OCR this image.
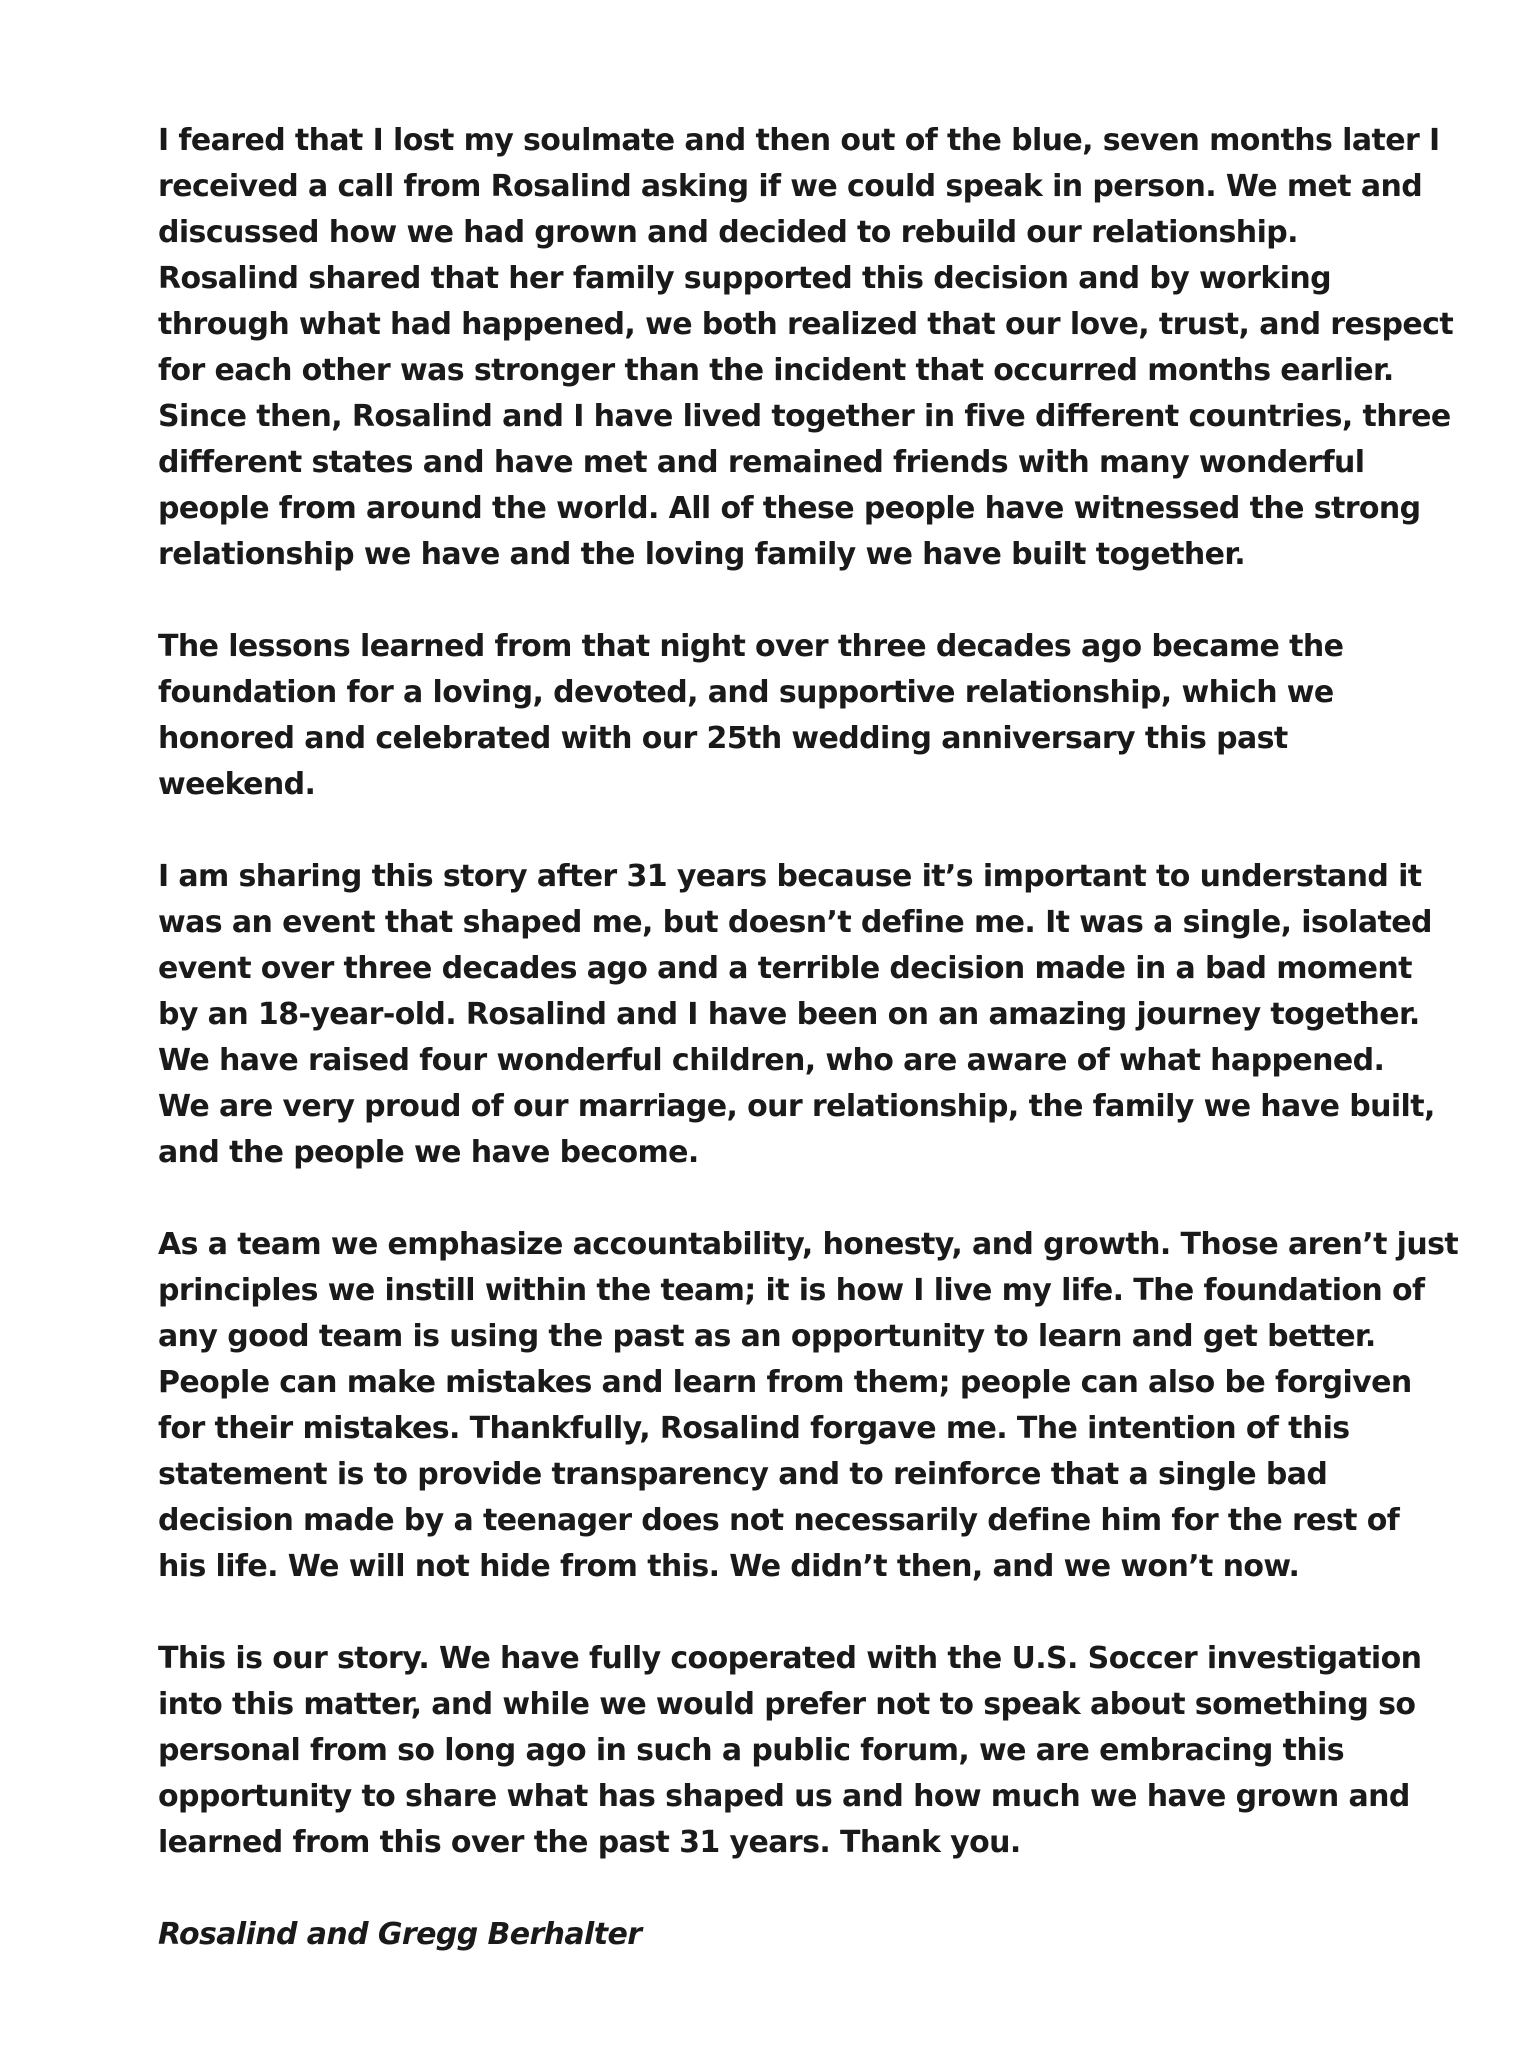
I feared that I lost my soulmate and then out of the blue, seven months later I
received a call from Rosalind asking if we could speak in person. We met and
discussed how we had grown and decided to rebuild our relationship.
Rosalind shared that her family supported this decision and by working
through what had happened, we both realized that our love, trust, and respect
for each other was stronger than the incident that occurred months earlier.
Since then, Rosalind and I have lived together in five different countries, three
different states and have met and remained friends with many wonderful
people from around the world. All of these people have witnessed the strong
relationship we have and the loving family we have built together.

The lessons learned from that night over three decades ago became the
foundation for a loving, devoted, and supportive relationship, which we
honored and celebrated with our 25th wedding anniversary this past
weekend.

I am sharing this story after 31 years because it’s important to understand it
was an event that shaped me, but doesn’t define me. It was a single, isolated
event over three decades ago and a terrible decision made in a bad moment
by an 18-year-old. Rosalind and I have been on an amazing journey together.
We have raised four wonderful children, who are aware of what happened.
We are very proud of our marriage, our relationship, the family we have built,
and the people we have become.

As a team we emphasize accountability, honesty, and growth. Those aren’t just
principles we instill within the team; it is how I live my life. The foundation of
any good team is using the past as an opportunity to learn and get better.
People can make mistakes and learn from them; people can also be forgiven
for their mistakes. Thankfully, Rosalind forgave me. The intention of this
statement is to provide transparency and to reinforce that a single bad
decision made by a teenager does not necessarily define him for the rest of
his life. We will not hide from this. We didn’t then, and we won’t now.

This is our story. We have fully cooperated with the U.S. Soccer investigation
into this matter, and while we would prefer not to speak about something so
personal from so long ago in such a public forum, we are embracing this
opportunity to share what has shaped us and how much we have grown and
learned from this over the past 31 years. Thank you.

Rosalind and Gregg Berhalter
